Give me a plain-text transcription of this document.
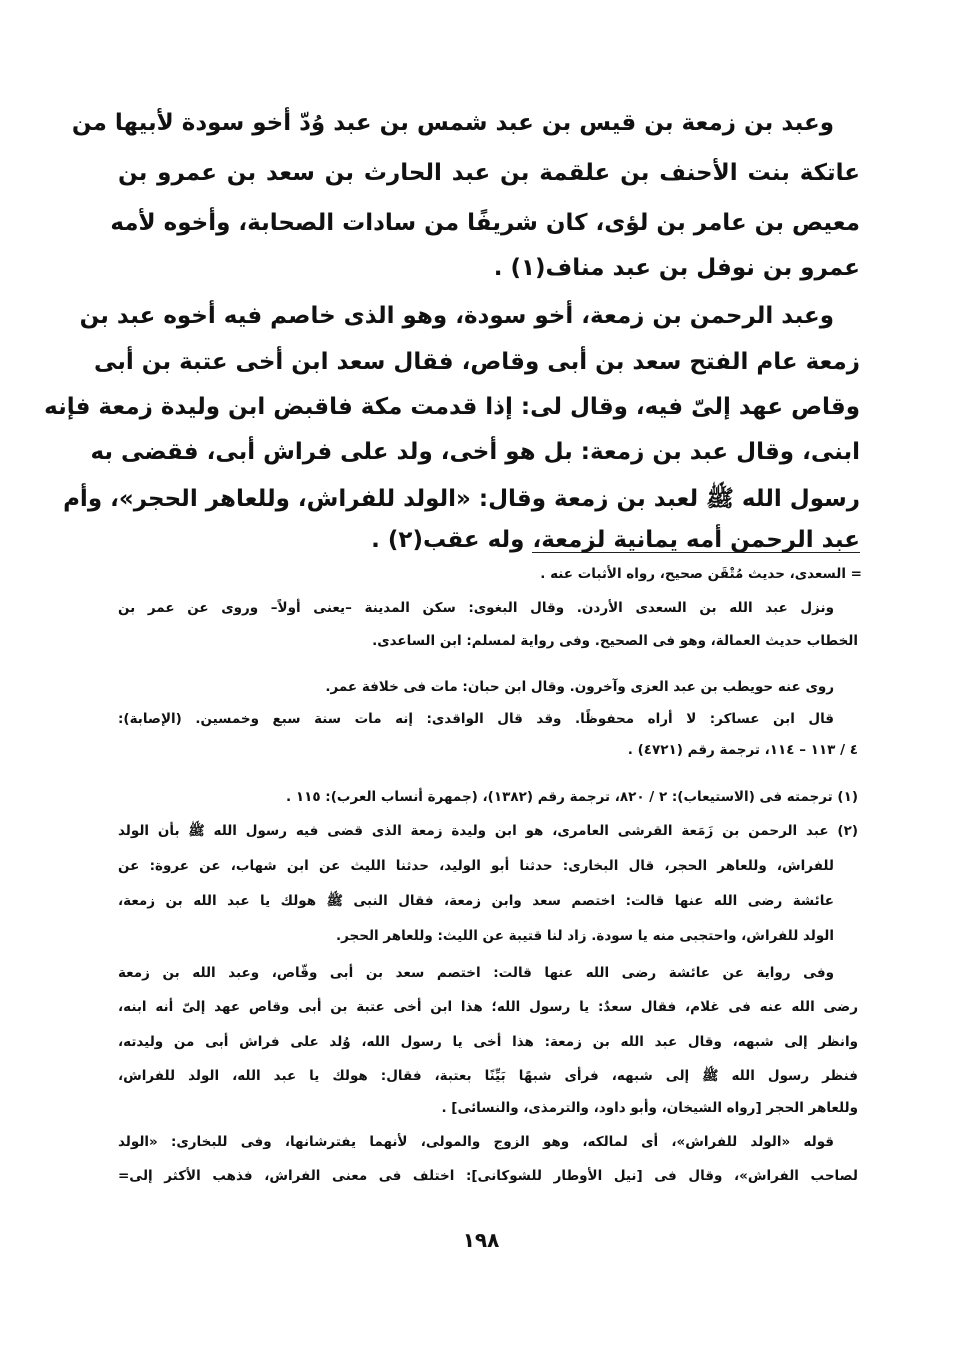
وعبد بن زمعة بن قيس بن عبد شمس بن عبد وُدّ أخو سودة لأبيها من
عاتكة بنت الأحنف بن علقمة بن عبد الحارث بن سعد بن عمرو بن
معيص بن عامر بن لؤى، كان شريفًا من سادات الصحابة، وأخوه لأمه
عمرو بن نوفل بن عبد مناف(١) .
وعبد الرحمن بن زمعة، أخو سودة، وهو الذى خاصم فيه أخوه عبد بن
زمعة عام الفتح سعد بن أبى وقاص، فقال سعد ابن أخى عتبة بن أبى
وقاص عهد إلىّ فيه، وقال لى: إذا قدمت مكة فاقبض ابن وليدة زمعة فإنه
ابنى، وقال عبد بن زمعة: بل هو أخى، ولد على فراش أبى، فقضى به
رسول الله ﷺ لعبد بن زمعة وقال: «الولد للفراش، وللعاهر الحجر»، وأم
عبد الرحمن أمه يمانية لزمعة، وله عقب(٢) .
= السعدى، حديث مُتْقَن صحيح، رواه الأثبات عنه .
ونزل عبد الله بن السعدى الأردن. وقال البغوى: سكن المدينة –يعنى أولاً– وروى عن عمر بن
الخطاب حديث العمالة، وهو فى الصحيح. وفى رواية لمسلم: ابن الساعدى.
روى عنه حويطب بن عبد العزى وآخرون. وقال ابن حبان: مات فى خلافة عمر.
قال ابن عساكر: لا أراه محفوظًا. وقد قال الواقدى: إنه مات سنة سبع وخمسين. (الإصابة):
٤ / ١١٣ – ١١٤، ترجمة رقم (٤٧٢١) .
(١) ترجمته فى (الاستيعاب): ٢ / ٨٢٠، ترجمة رقم (١٣٨٢)، (جمهرة أنساب العرب): ١١٥ .
(٢) عبد الرحمن بن زَمَعة القرشى العامرى، هو ابن وليدة زمعة الذى قضى فيه رسول الله ﷺ بأن الولد
للفراش، وللعاهر الحجر، قال البخارى: حدثنا أبو الوليد، حدثنا الليث عن ابن شهاب، عن عروة: عن
عائشة رضى الله عنها قالت: اختصم سعد وابن زمعة، فقال النبى ﷺ هولك يا عبد الله بن زمعة،
الولد للفراش، واحتجبى منه يا سودة. زاد لنا قتيبة عن الليث: وللعاهر الحجر.
وفى رواية عن عائشة رضى الله عنها قالت: اختصم سعد بن أبى وقّاص، وعبد الله بن زمعة
رضى الله عنه فى غلام، فقال سعدٌ: يا رسول الله؛ هذا ابن أخى عتبة بن أبى وقاص عهد إلىّ أنه ابنه،
وانظر إلى شبهه، وقال عبد الله بن زمعة: هذا أخى يا رسول الله، وُلد على فراش أبى من وليدته،
فنظر رسول الله ﷺ إلى شبهه، فرأى شبهًا بَيِّنًا بعتبة، فقال: هولك يا عبد الله، الولد للفراش،
وللعاهر الحجر [رواه الشيخان، وأبو داود، والترمذى، والنسائى] .
قوله «الولد للفراش»، أى لمالكه، وهو الزوج والمولى، لأنهما يفترشانها، وفى للبخارى: «الولد
لصاحب الفراش»، وقال فى [نيل الأوطار للشوكانى]: اختلف فى معنى الفراش، فذهب الأكثر إلى=
١٩٨
